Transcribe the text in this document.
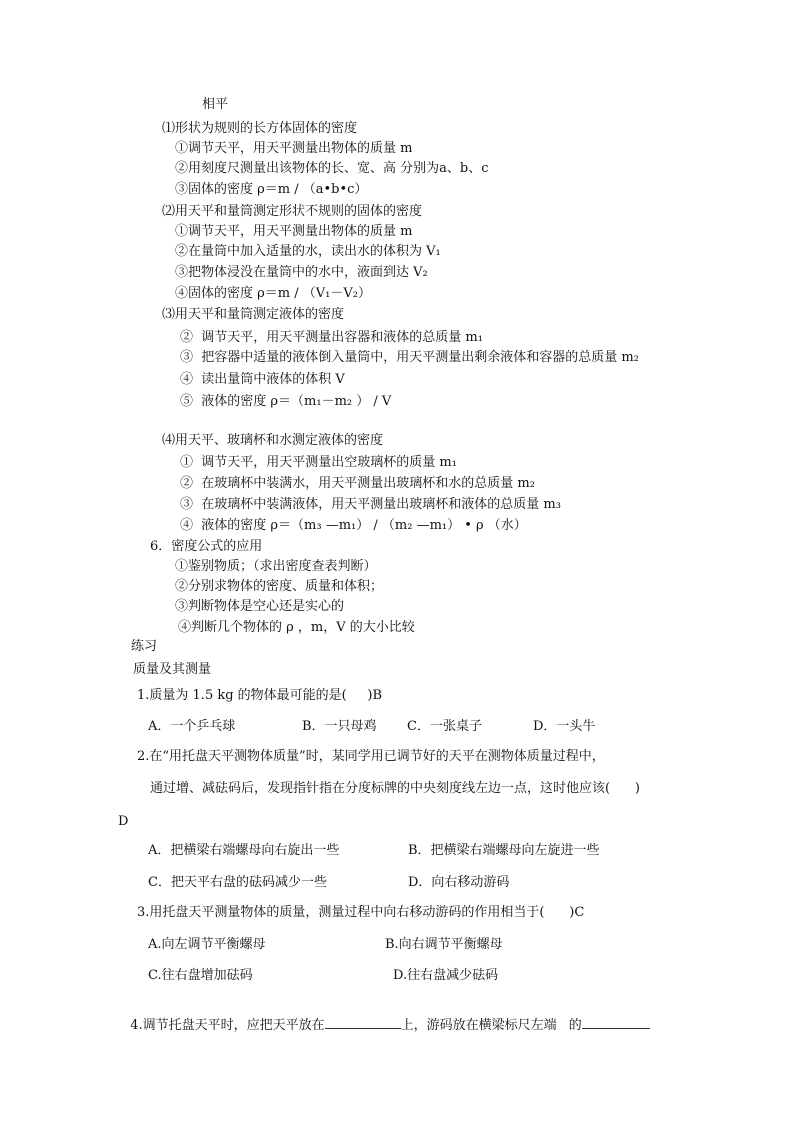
相平
⑴形状为规则的长方体固体的密度
①调节天平，用天平测量出物体的质量 m
②用刻度尺测量出该物体的长、宽、高 分别为a、b、c
③固体的密度 ρ＝m / （a•b•c）
⑵用天平和量筒测定形状不规则的固体的密度
①调节天平，用天平测量出物体的质量 m
②在量筒中加入适量的水，读出水的体积为 V₁
③把物体浸没在量筒中的水中，液面到达 V₂
④固体的密度 ρ＝m / （V₁－V₂）
⑶用天平和量筒测定液体的密度
②  调节天平，用天平测量出容器和液体的总质量 m₁
③  把容器中适量的液体倒入量筒中，用天平测量出剩余液体和容器的总质量 m₂
④  读出量筒中液体的体积 V
⑤  液体的密度 ρ＝（m₁－m₂ ） / V
⑷用天平、玻璃杯和水测定液体的密度
①  调节天平，用天平测量出空玻璃杯的质量 m₁
②  在玻璃杯中装满水，用天平测量出玻璃杯和水的总质量 m₂
③  在玻璃杯中装满液体，用天平测量出玻璃杯和液体的总质量 m₃
④  液体的密度 ρ＝（m₃ —m₁） / （m₂ —m₁） • ρ （水）
6．密度公式的应用
①鉴别物质；（求出密度查表判断）
②分别求物体的密度、质量和体积；
③判断物体是空心还是实心的
④判断几个物体的 ρ ，m，V 的大小比较
练习
质量及其测量
1.质量为 1.5 kg 的物体最可能的是(     )B
A．一个乒乓球	B．一只母鸡 C．一张桌子	D．一头牛
2.在“用托盘天平测物体质量”时，某同学用已调节好的天平在测物体质量过程中，
通过增、减砝码后，发现指针指在分度标牌的中央刻度线左边一点，这时他应该(      )
D
A．把横梁右端螺母向右旋出一些	B．把横梁右端螺母向左旋进一些
C．把天平右盘的砝码减少一些	D．向右移动游码
3.用托盘天平测量物体的质量，测量过程中向右移动游码的作用相当于(      )C
A.向左调节平衡螺母	B.向右调节平衡螺母
C.往右盘增加砝码	D.往右盘减少砝码

4.调节托盘天平时，应把天平放在	上，游码放在横梁标尺左端 的
